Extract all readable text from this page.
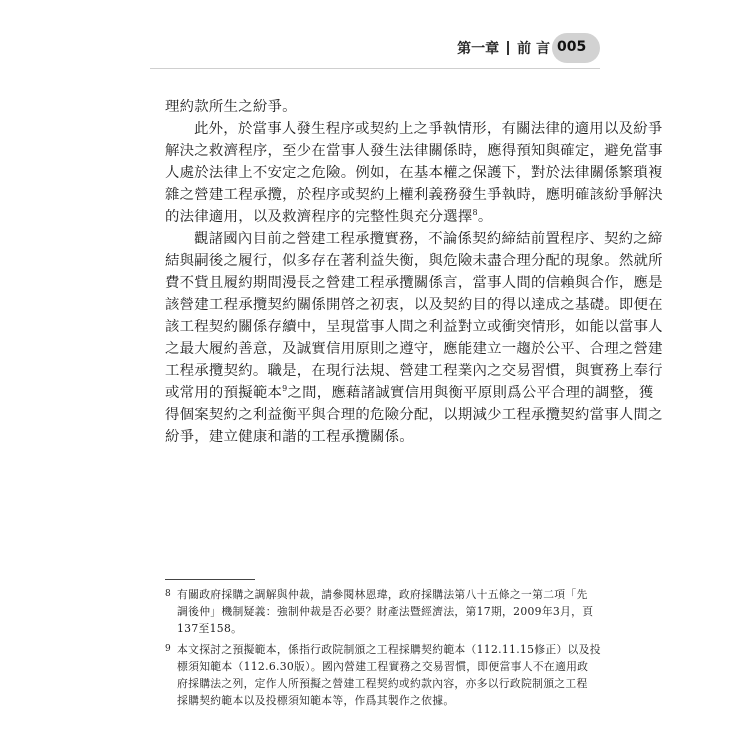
第一章 前 言 005
理約款所生之紛爭。
此外，於當事人發生程序或契約上之爭執情形，有關法律的適用以及紛爭
解決之救濟程序，至少在當事人發生法律關係時，應得預知與確定，避免當事
人處於法律上不安定之危險。例如，在基本權之保護下，對於法律關係繁瑣複
雜之營建工程承攬，於程序或契約上權利義務發生爭執時，應明確該紛爭解決
的法律適用，以及救濟程序的完整性與充分選擇$^8$。
觀諸國內目前之營建工程承攬實務，不論係契約締結前置程序、契約之締
結與嗣後之履行，似多存在著利益失衡，與危險未盡合理分配的現象。然就所
費不貲且履約期間漫長之營建工程承攬關係言，當事人間的信賴與合作，應是
該營建工程承攬契約關係開啓之初衷，以及契約目的得以達成之基礎。即便在
該工程契約關係存續中，呈現當事人間之利益對立或衝突情形，如能以當事人
之最大履約善意，及誠實信用原則之遵守，應能建立一趨於公平、合理之營建
工程承攬契約。職是，在現行法規、營建工程業內之交易習慣，與實務上奉行
或常用的預擬範本$^9$之間，應藉諸誠實信用與衡平原則爲公平合理的調整，獲
得個案契約之利益衡平與合理的危險分配，以期減少工程承攬契約當事人間之
紛爭，建立健康和諧的工程承攬關係。
8 有關政府採購之調解與仲裁，請參閱林恩瑋，政府採購法第八十五條之一第二項「先
調後仲」機制疑義：強制仲裁是否必要？財產法暨經濟法，第17期，2009年3月，頁
137至158。
9 本文探討之預擬範本，係指行政院制頒之工程採購契約範本（112.11.15修正）以及投
標須知範本（112.6.30版）。國內營建工程實務之交易習慣，即便當事人不在適用政
府採購法之列，定作人所預擬之營建工程契約或約款內容，亦多以行政院制頒之工程
採購契約範本以及投標須知範本等，作爲其製作之依據。
